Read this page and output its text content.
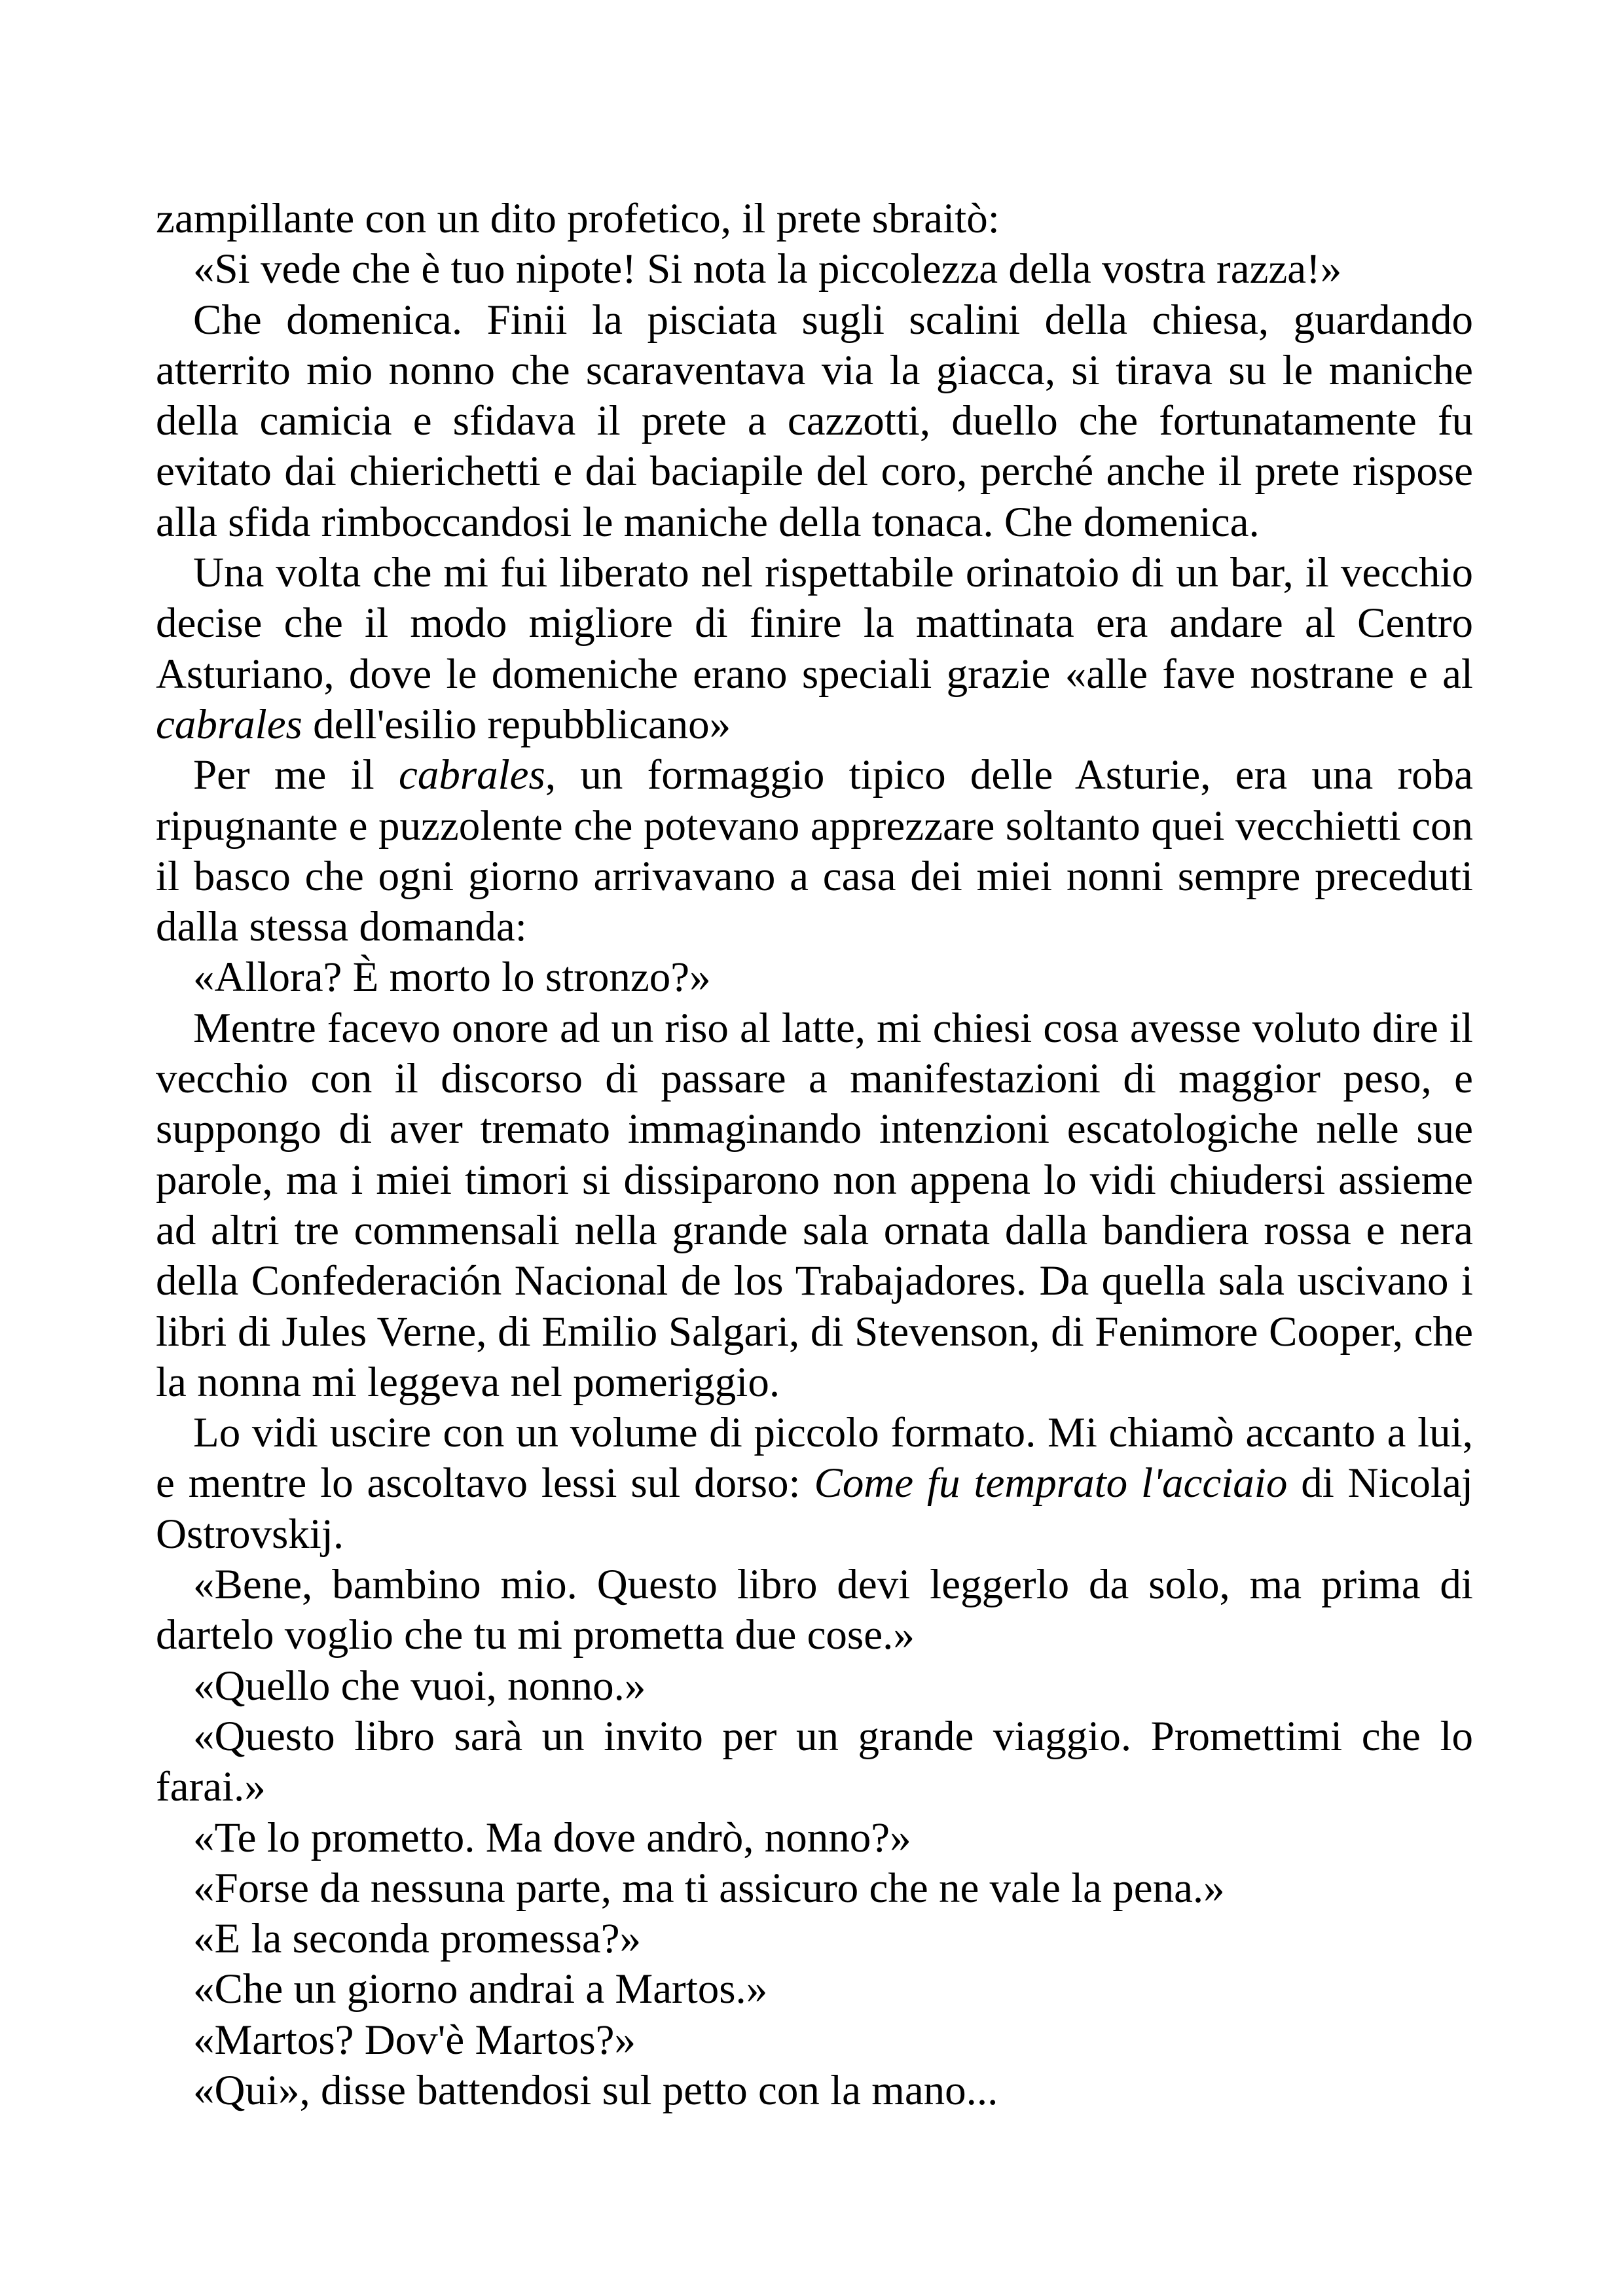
zampillante con un dito profetico, il prete sbraitò:

«Si vede che è tuo nipote! Si nota la piccolezza della vostra razza!»

Che domenica. Finii la pisciata sugli scalini della chiesa, guardando atterrito mio nonno che scaraventava via la giacca, si tirava su le maniche della camicia e sfidava il prete a cazzotti, duello che fortunatamente fu evitato dai chierichetti e dai baciapile del coro, perché anche il prete rispose alla sfida rimboccandosi le maniche della tonaca. Che domenica.

Una volta che mi fui liberato nel rispettabile orinatoio di un bar, il vecchio decise che il modo migliore di finire la mattinata era andare al Centro Asturiano, dove le domeniche erano speciali grazie «alle fave nostrane e al cabrales dell'esilio repubblicano»

Per me il cabrales, un formaggio tipico delle Asturie, era una roba ripugnante e puzzolente che potevano apprezzare soltanto quei vecchietti con il basco che ogni giorno arrivavano a casa dei miei nonni sempre preceduti dalla stessa domanda:

«Allora? È morto lo stronzo?»

Mentre facevo onore ad un riso al latte, mi chiesi cosa avesse voluto dire il vecchio con il discorso di passare a manifestazioni di maggior peso, e suppongo di aver tremato immaginando intenzioni escatologiche nelle sue parole, ma i miei timori si dissiparono non appena lo vidi chiudersi assieme ad altri tre commensali nella grande sala ornata dalla bandiera rossa e nera della Confederación Nacional de los Trabajadores. Da quella sala uscivano i libri di Jules Verne, di Emilio Salgari, di Stevenson, di Fenimore Cooper, che la nonna mi leggeva nel pomeriggio.

Lo vidi uscire con un volume di piccolo formato. Mi chiamò accanto a lui, e mentre lo ascoltavo lessi sul dorso: Come fu temprato l'acciaio di Nicolaj Ostrovskij.

«Bene, bambino mio. Questo libro devi leggerlo da solo, ma prima di dartelo voglio che tu mi prometta due cose.»

«Quello che vuoi, nonno.»

«Questo libro sarà un invito per un grande viaggio. Promettimi che lo farai.»

«Te lo prometto. Ma dove andrò, nonno?»

«Forse da nessuna parte, ma ti assicuro che ne vale la pena.»

«E la seconda promessa?»

«Che un giorno andrai a Martos.»

«Martos? Dov'è Martos?»

«Qui», disse battendosi sul petto con la mano...
